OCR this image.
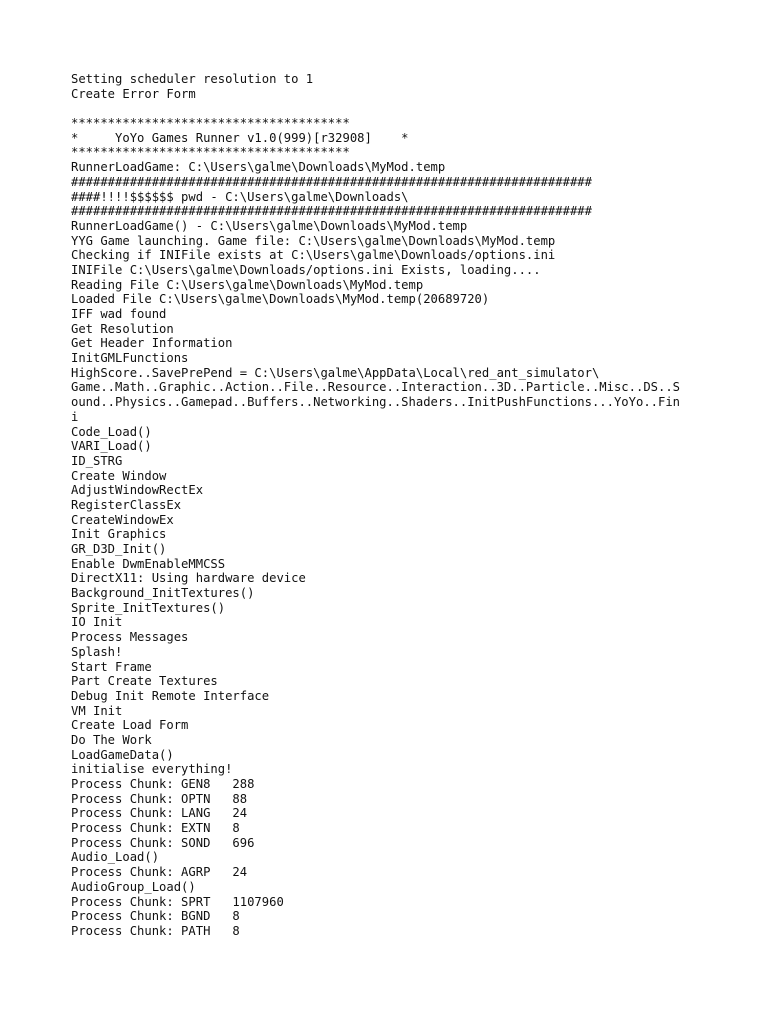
Setting scheduler resolution to 1
Create Error Form
**************************************
*     YoYo Games Runner v1.0(999)[r32908]    *
**************************************
RunnerLoadGame: C:\Users\galme\Downloads\MyMod.temp
#######################################################################
####!!!!$$$$$$ pwd - C:\Users\galme\Downloads\
#######################################################################
RunnerLoadGame() - C:\Users\galme\Downloads\MyMod.temp
YYG Game launching. Game file: C:\Users\galme\Downloads\MyMod.temp
Checking if INIFile exists at C:\Users\galme\Downloads/options.ini
INIFile C:\Users\galme\Downloads/options.ini Exists, loading....
Reading File C:\Users\galme\Downloads\MyMod.temp
Loaded File C:\Users\galme\Downloads\MyMod.temp(20689720)
IFF wad found
Get Resolution
Get Header Information
InitGMLFunctions
HighScore..SavePrePend = C:\Users\galme\AppData\Local\red_ant_simulator\
Game..Math..Graphic..Action..File..Resource..Interaction..3D..Particle..Misc..DS..S
ound..Physics..Gamepad..Buffers..Networking..Shaders..InitPushFunctions...YoYo..Fin
i
Code_Load()
VARI_Load()
ID_STRG
Create Window
AdjustWindowRectEx
RegisterClassEx
CreateWindowEx
Init Graphics
GR_D3D_Init()
Enable DwmEnableMMCSS
DirectX11: Using hardware device
Background_InitTextures()
Sprite_InitTextures()
IO Init
Process Messages
Splash!
Start Frame
Part Create Textures
Debug Init Remote Interface
VM Init
Create Load Form
Do The Work
LoadGameData()
initialise everything!
Process Chunk: GEN8   288
Process Chunk: OPTN   88
Process Chunk: LANG   24
Process Chunk: EXTN   8
Process Chunk: SOND   696
Audio_Load()
Process Chunk: AGRP   24
AudioGroup_Load()
Process Chunk: SPRT   1107960
Process Chunk: BGND   8
Process Chunk: PATH   8
